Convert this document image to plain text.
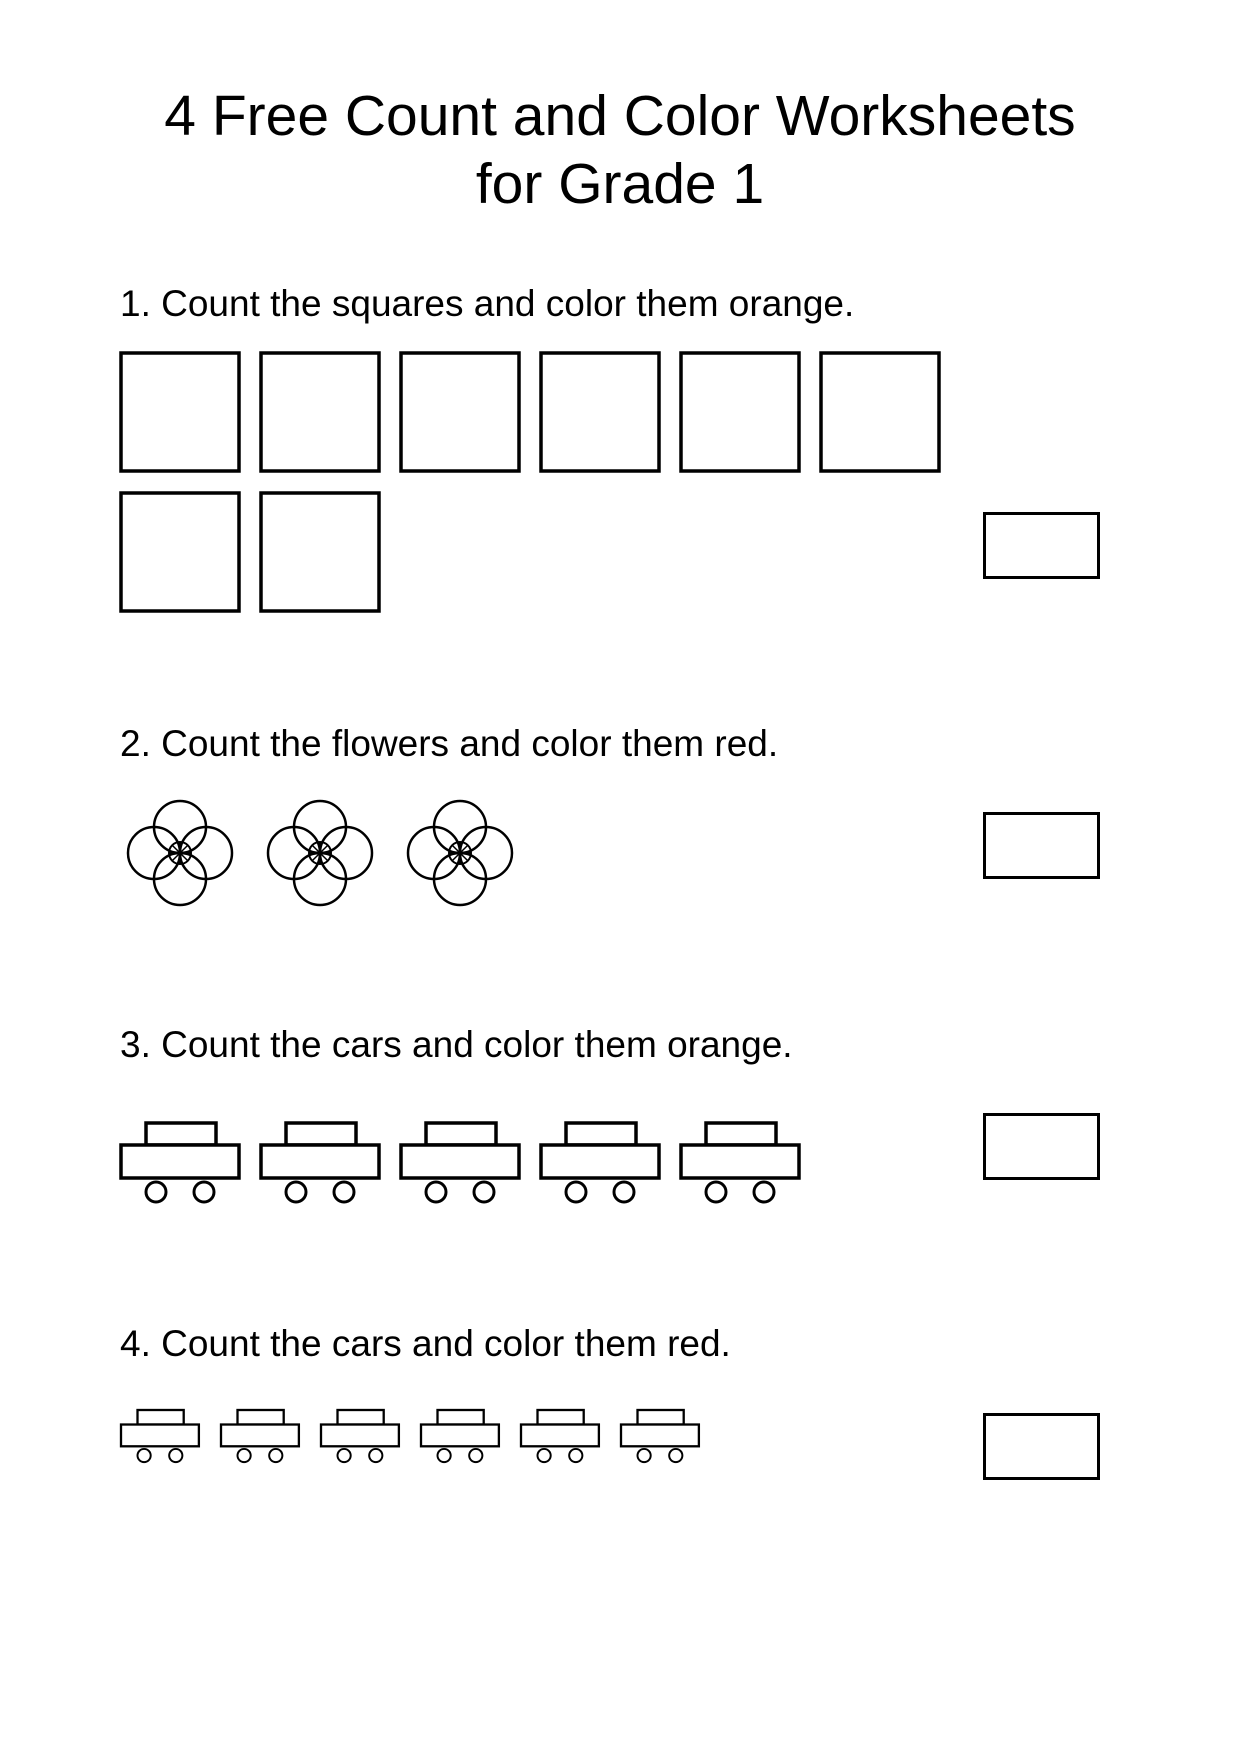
4 Free Count and Color Worksheets
for Grade 1
1. Count the squares and color them orange.
2. Count the flowers and color them red.
3. Count the cars and color them orange.
4. Count the cars and color them red.
